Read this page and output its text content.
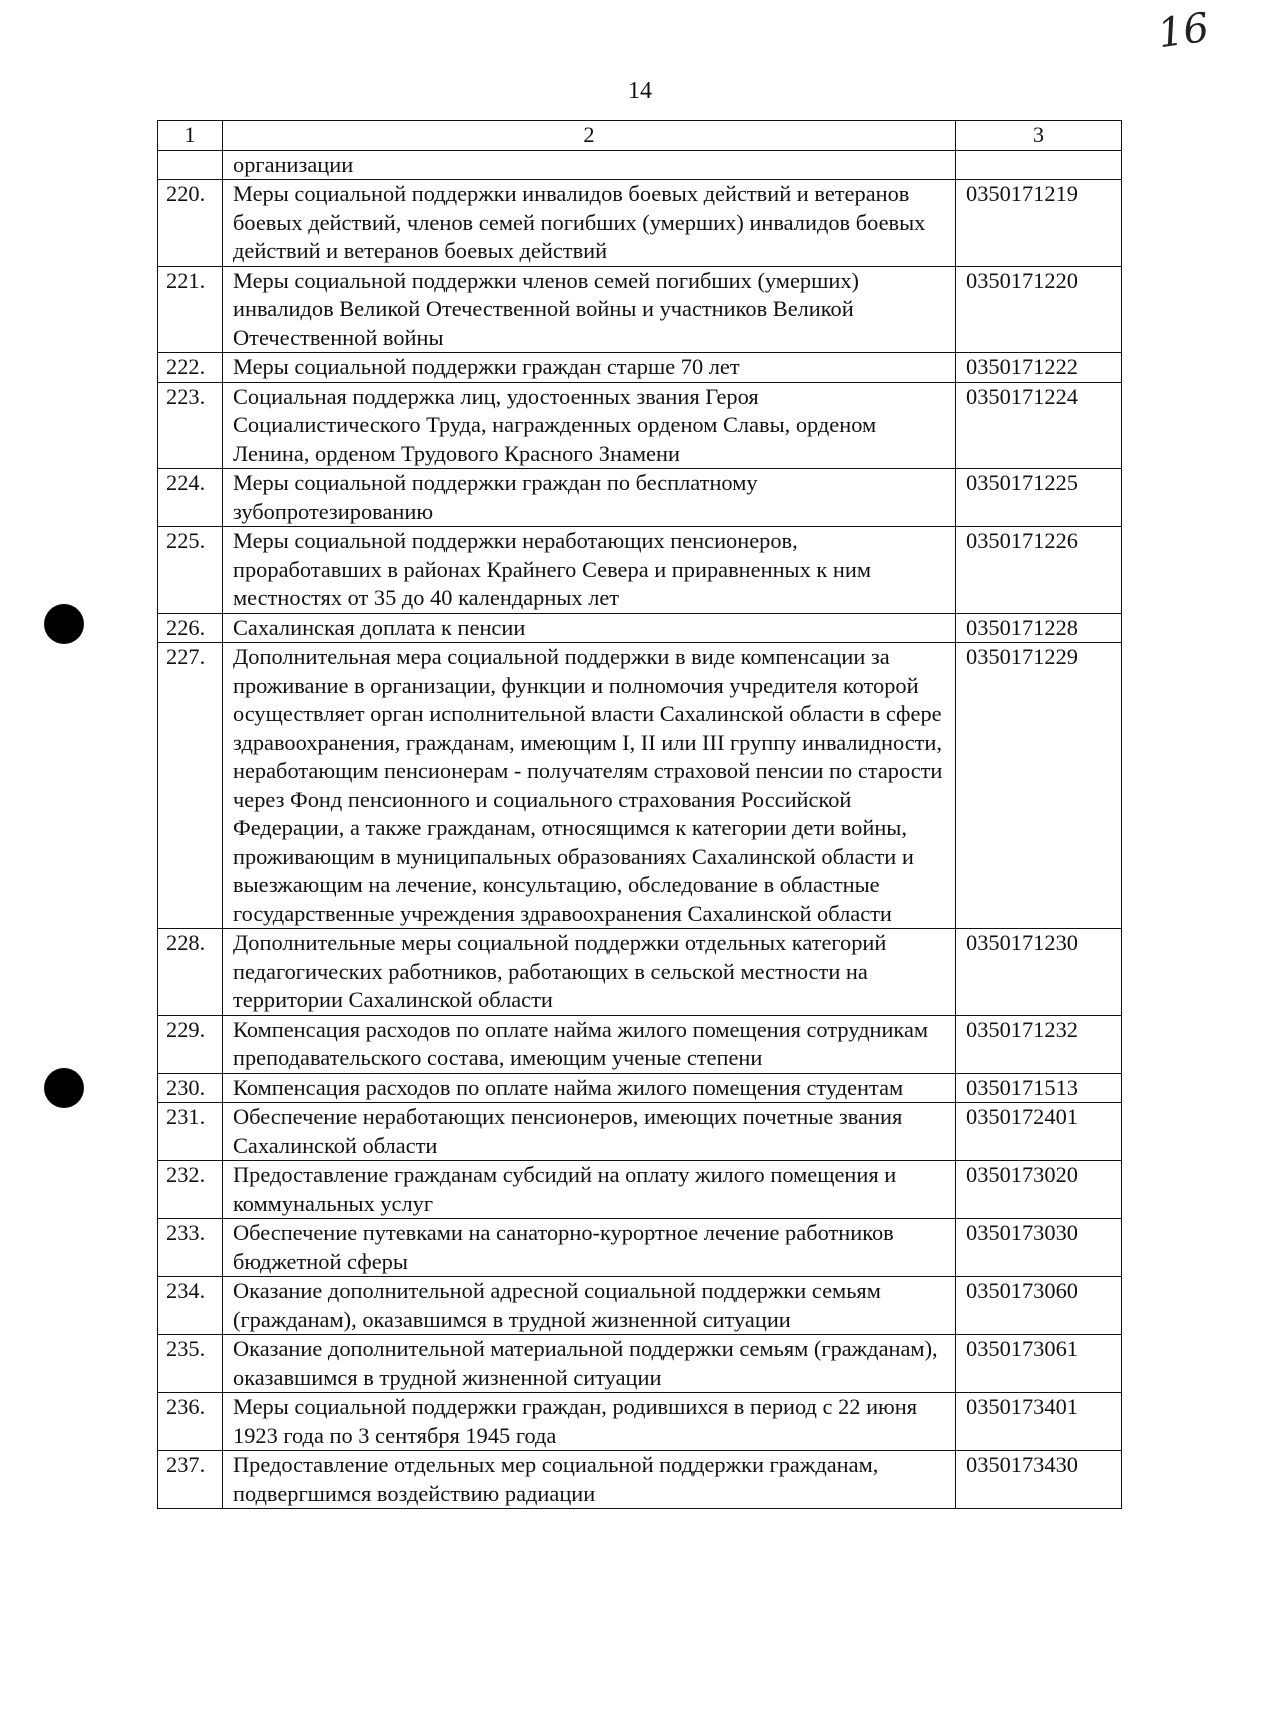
16
14
1	2	3
	организации	
220.	Меры социальной поддержки инвалидов боевых действий и ветеранов боевых действий, членов семей погибших (умерших) инвалидов боевых действий и ветеранов боевых действий	0350171219
221.	Меры социальной поддержки членов семей погибших (умерших) инвалидов Великой Отечественной войны и участников Великой Отечественной войны	0350171220
222.	Меры социальной поддержки граждан старше 70 лет	0350171222
223.	Социальная поддержка лиц, удостоенных звания Героя Социалистического Труда, награжденных орденом Славы, орденом Ленина, орденом Трудового Красного Знамени	0350171224
224.	Меры социальной поддержки граждан по бесплатному зубопротезированию	0350171225
225.	Меры социальной поддержки неработающих пенсионеров, проработавших в районах Крайнего Севера и приравненных к ним местностях от 35 до 40 календарных лет	0350171226
226.	Сахалинская доплата к пенсии	0350171228
227.	Дополнительная мера социальной поддержки в виде компенсации за проживание в организации, функции и полномочия учредителя которой осуществляет орган исполнительной власти Сахалинской области в сфере здравоохранения, гражданам, имеющим I, II или III группу инвалидности, неработающим пенсионерам - получателям страховой пенсии по старости через Фонд пенсионного и социального страхования Российской Федерации, а также гражданам, относящимся к категории дети войны, проживающим в муниципальных образованиях Сахалинской области и выезжающим на лечение, консультацию, обследование в областные государственные учреждения здравоохранения Сахалинской области	0350171229
228.	Дополнительные меры социальной поддержки отдельных категорий педагогических работников, работающих в сельской местности на территории Сахалинской области	0350171230
229.	Компенсация расходов по оплате найма жилого помещения сотрудникам преподавательского состава, имеющим ученые степени	0350171232
230.	Компенсация расходов по оплате найма жилого помещения студентам	0350171513
231.	Обеспечение неработающих пенсионеров, имеющих почетные звания Сахалинской области	0350172401
232.	Предоставление гражданам субсидий на оплату жилого помещения и коммунальных услуг	0350173020
233.	Обеспечение путевками на санаторно-курортное лечение работников бюджетной сферы	0350173030
234.	Оказание дополнительной адресной социальной поддержки семьям (гражданам), оказавшимся в трудной жизненной ситуации	0350173060
235.	Оказание дополнительной материальной поддержки семьям (гражданам), оказавшимся в трудной жизненной ситуации	0350173061
236.	Меры социальной поддержки граждан, родившихся в период с 22 июня 1923 года по 3 сентября 1945 года	0350173401
237.	Предоставление отдельных мер социальной поддержки гражданам, подвергшимся воздействию радиации	0350173430
